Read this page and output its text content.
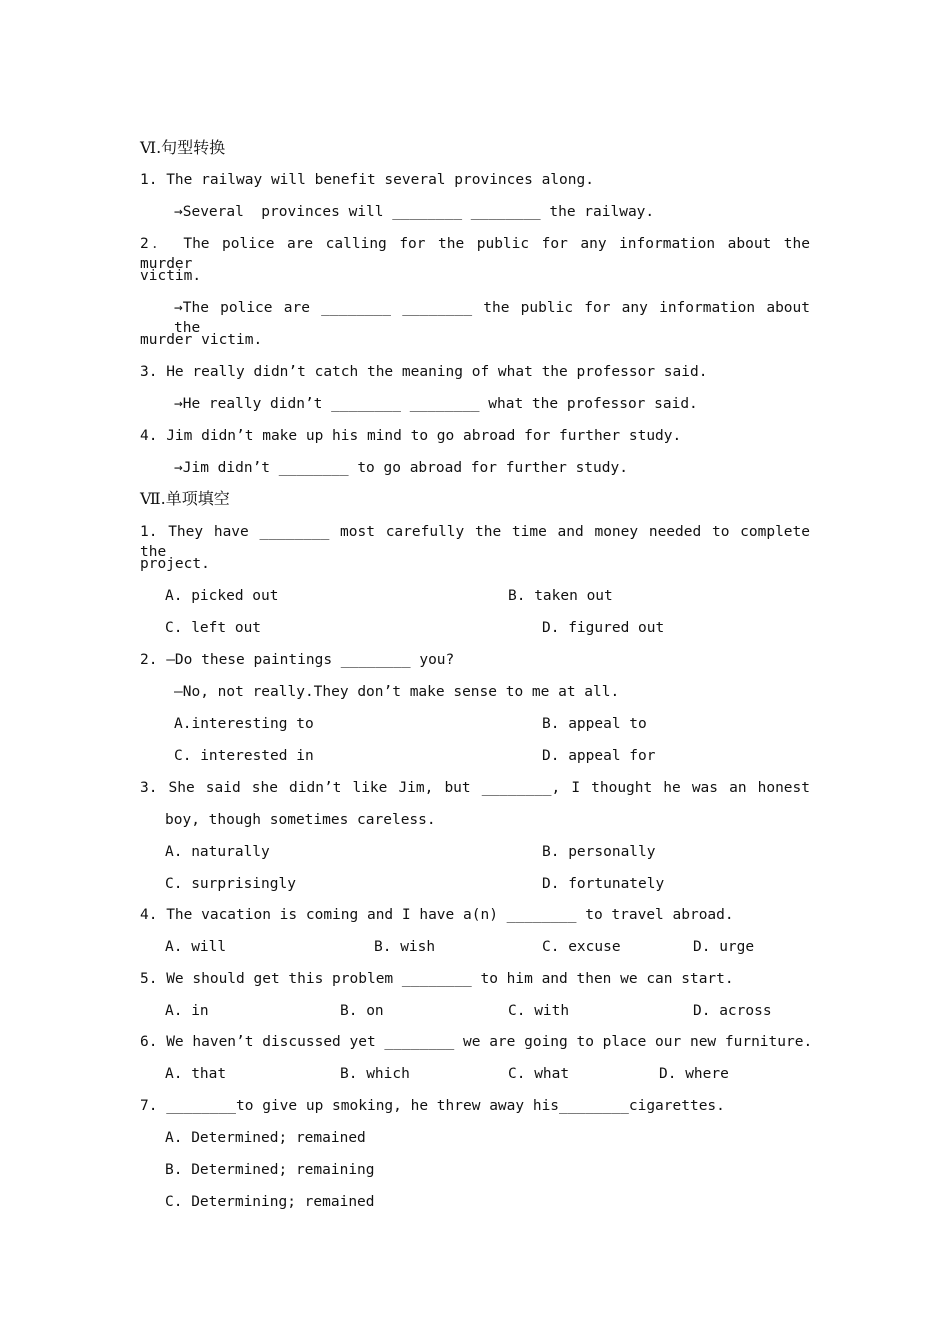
Ⅵ.句型转换
1. The railway will benefit several provinces along.
→Several  provinces will ________ ________ the railway.
2． The police are calling for the public for any information about the murder
victim.
→The police are ________ ________ the public for any information about the
murder victim.
3. He really didn’t catch the meaning of what the professor said.
→He really didn’t ________ ________ what the professor said.
4. Jim didn’t make up his mind to go abroad for further study.
→Jim didn’t ________ to go abroad for further study.
Ⅶ.单项填空
1. They have ________ most carefully the time and money needed to complete the
project.
A. picked out	B. taken out
C. left out	D. figured out
2. —Do these paintings ________ you?
—No, not really.They don’t make sense to me at all.
A.interesting to	B. appeal to
C. interested in	D. appeal for
3. She said she didn’t like Jim, but ________, I thought he was an honest
boy, though sometimes careless.
A. naturally	B. personally
C. surprisingly	D. fortunately
4. The vacation is coming and I have a(n) ________ to travel abroad.
A. will	B. wish	C. excuse	D. urge
5. We should get this problem ________ to him and then we can start.
A. in	B. on	C. with	D. across
6. We haven’t discussed yet ________ we are going to place our new furniture.
A. that	B. which	C. what	D. where
7. ________to give up smoking, he threw away his________cigarettes.
A. Determined; remained
B. Determined; remaining
C. Determining; remained
